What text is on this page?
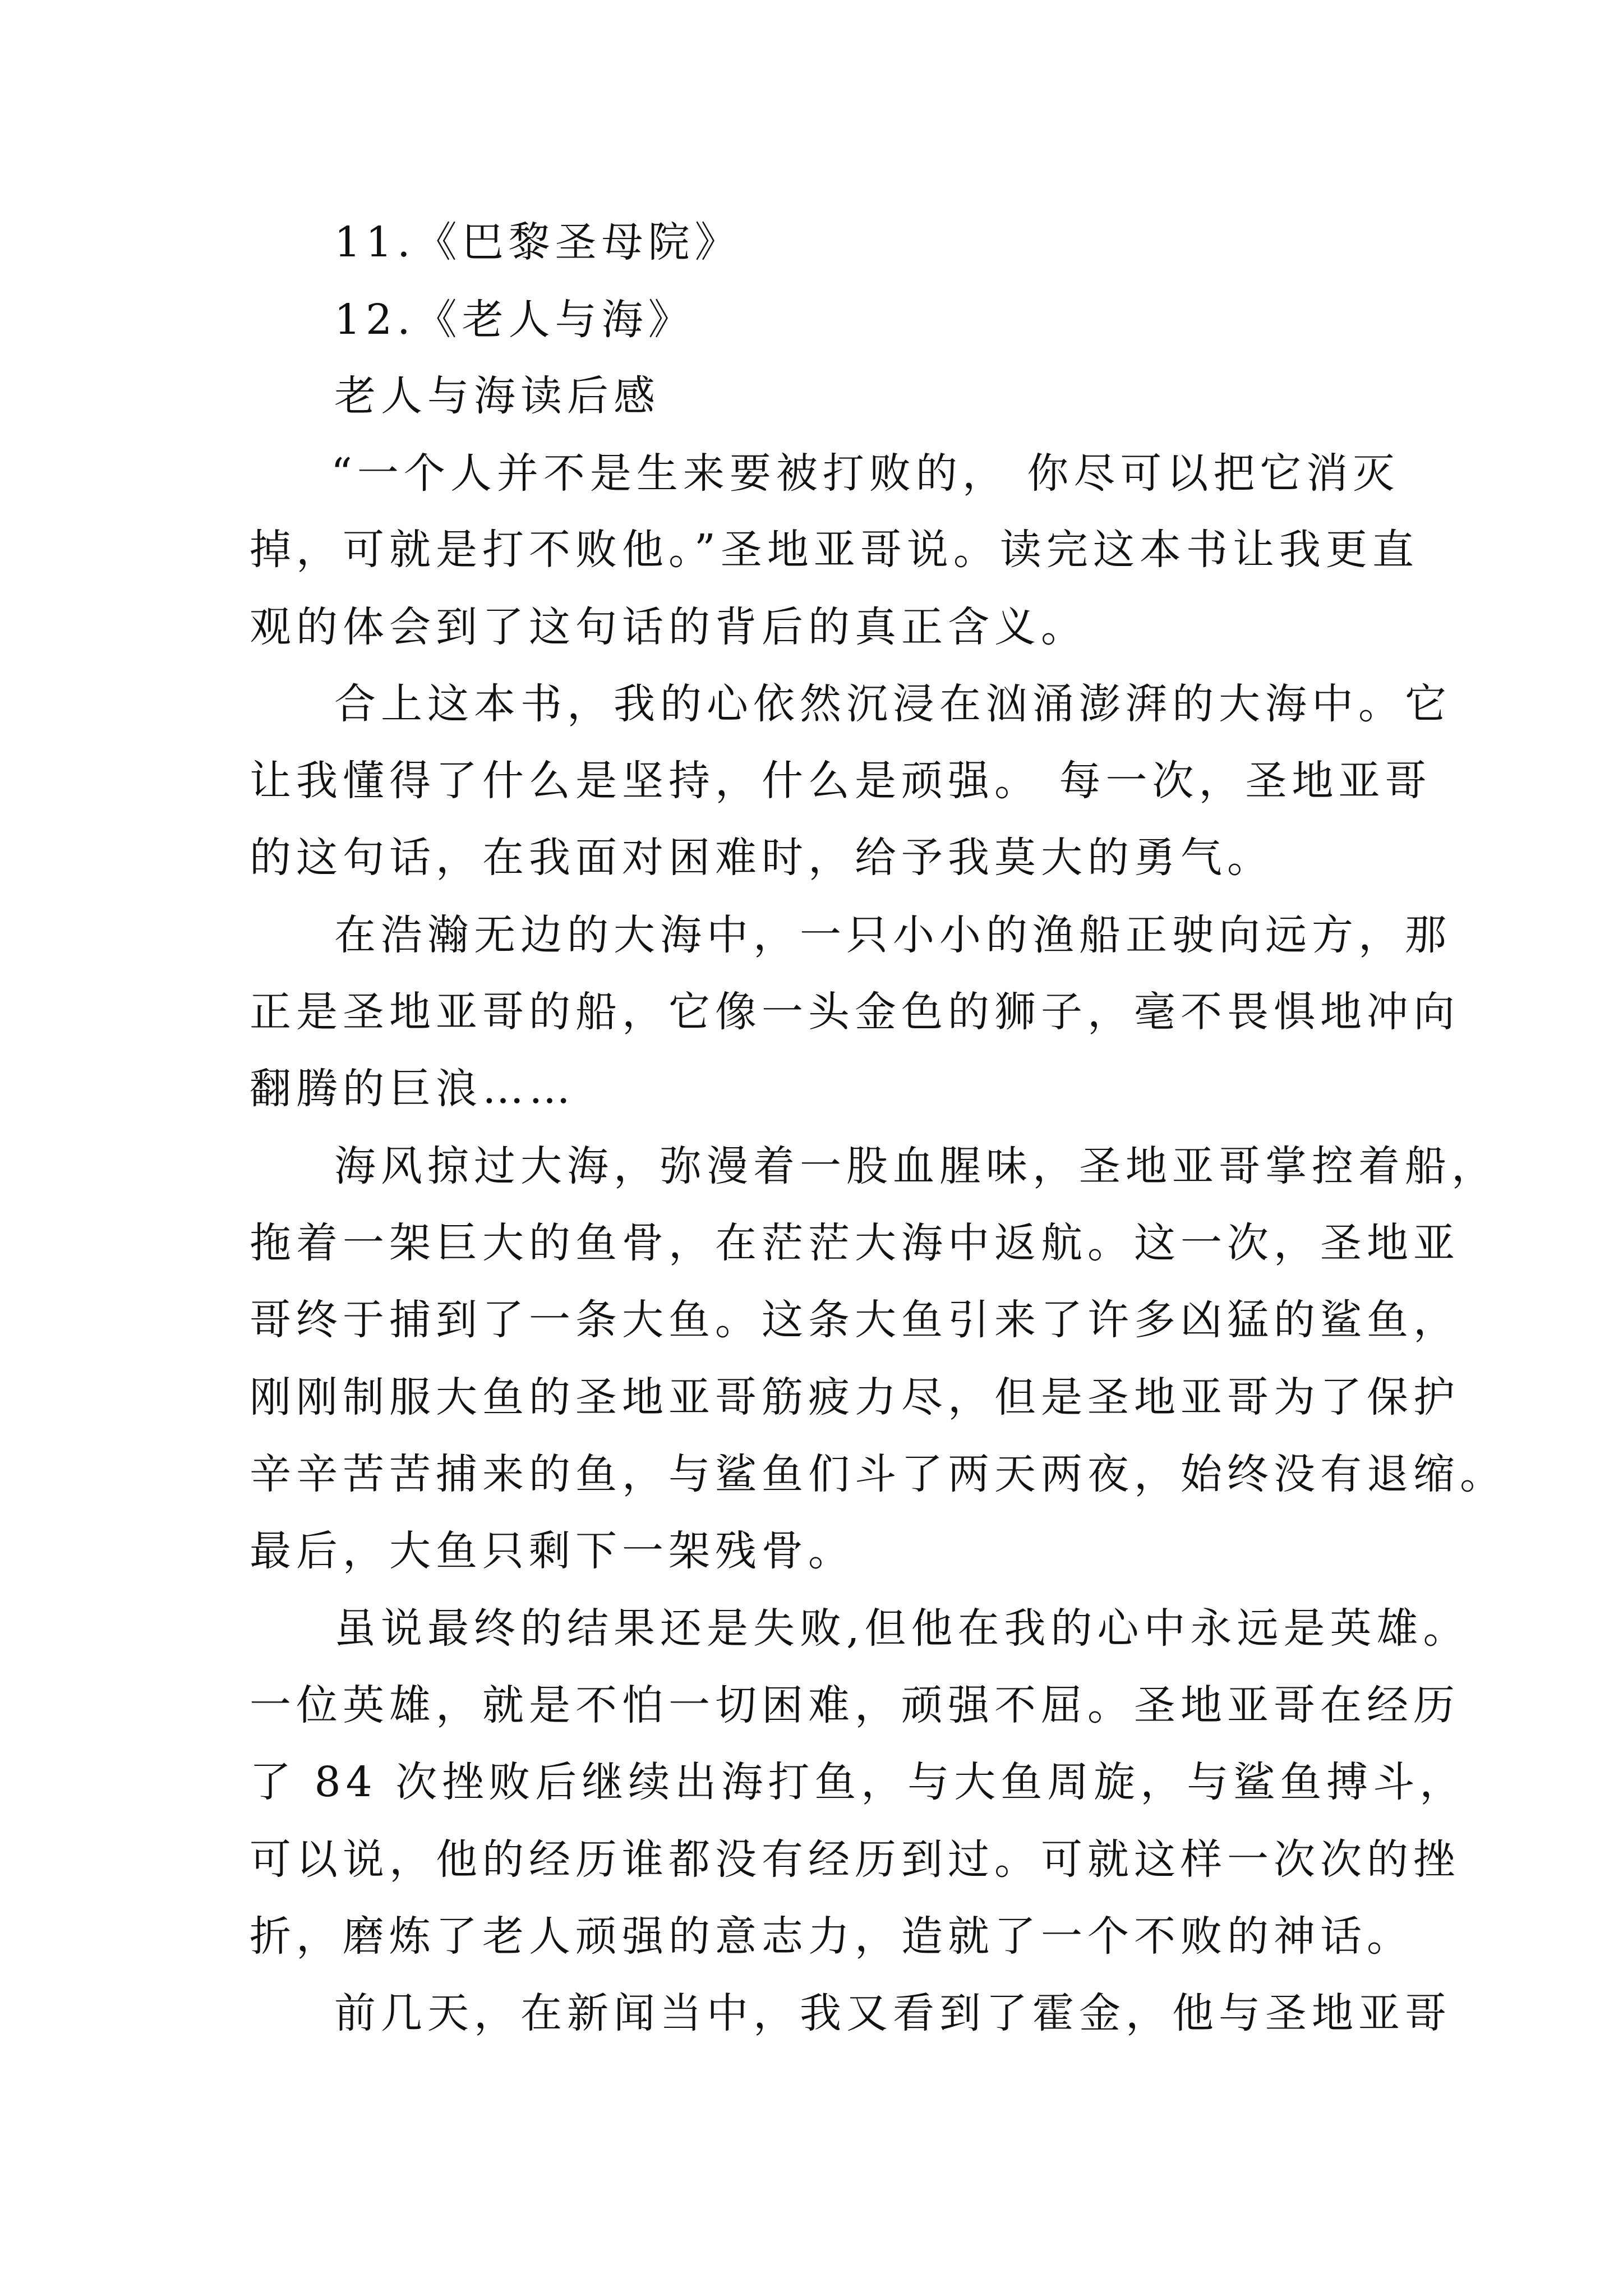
11.《巴黎圣母院》

12.《老人与海》

老人与海读后感

“一个人并不是生来要被打败的， 你尽可以把它消灭

掉，可就是打不败他。”圣地亚哥说。读完这本书让我更直

观的体会到了这句话的背后的真正含义。

合上这本书，我的心依然沉浸在汹涌澎湃的大海中。它

让我懂得了什么是坚持，什么是顽强。 每一次，圣地亚哥

的这句话，在我面对困难时，给予我莫大的勇气。

在浩瀚无边的大海中，一只小小的渔船正驶向远方，那

正是圣地亚哥的船，它像一头金色的狮子，毫不畏惧地冲向

翻腾的巨浪……

海风掠过大海，弥漫着一股血腥味，圣地亚哥掌控着船，

拖着一架巨大的鱼骨，在茫茫大海中返航。这一次，圣地亚

哥终于捕到了一条大鱼。这条大鱼引来了许多凶猛的鲨鱼，

刚刚制服大鱼的圣地亚哥筋疲力尽，但是圣地亚哥为了保护

辛辛苦苦捕来的鱼，与鲨鱼们斗了两天两夜，始终没有退缩。

最后，大鱼只剩下一架残骨。

虽说最终的结果还是失败,但他在我的心中永远是英雄。

一位英雄，就是不怕一切困难，顽强不屈。圣地亚哥在经历

了 84 次挫败后继续出海打鱼，与大鱼周旋，与鲨鱼搏斗，

可以说，他的经历谁都没有经历到过。可就这样一次次的挫

折，磨炼了老人顽强的意志力，造就了一个不败的神话。

前几天，在新闻当中，我又看到了霍金，他与圣地亚哥
